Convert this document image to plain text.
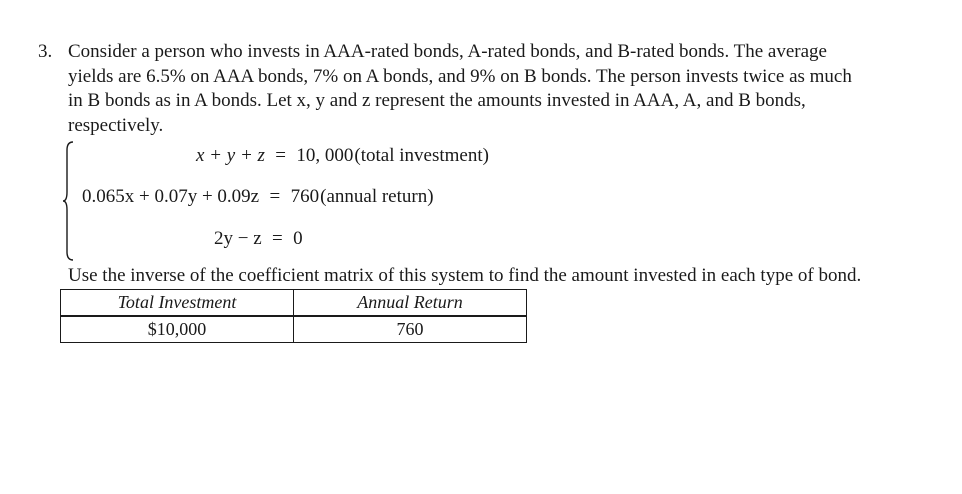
3. Consider a person who invests in AAA-rated bonds, A-rated bonds, and B-rated bonds. The average
yields are 6.5% on AAA bonds, 7% on A bonds, and 9% on B bonds. The person invests twice as much
in B bonds as in A bonds. Let x, y and z represent the amounts invested in AAA, A, and B bonds,
respectively.
x + y + z = 10, 000(total investment)
0.065x + 0.07y + 0.09z = 760(annual return)
2y − z = 0
Use the inverse of the coefficient matrix of this system to find the amount invested in each type of bond.
Total Investment	Annual Return
$10,000	760
